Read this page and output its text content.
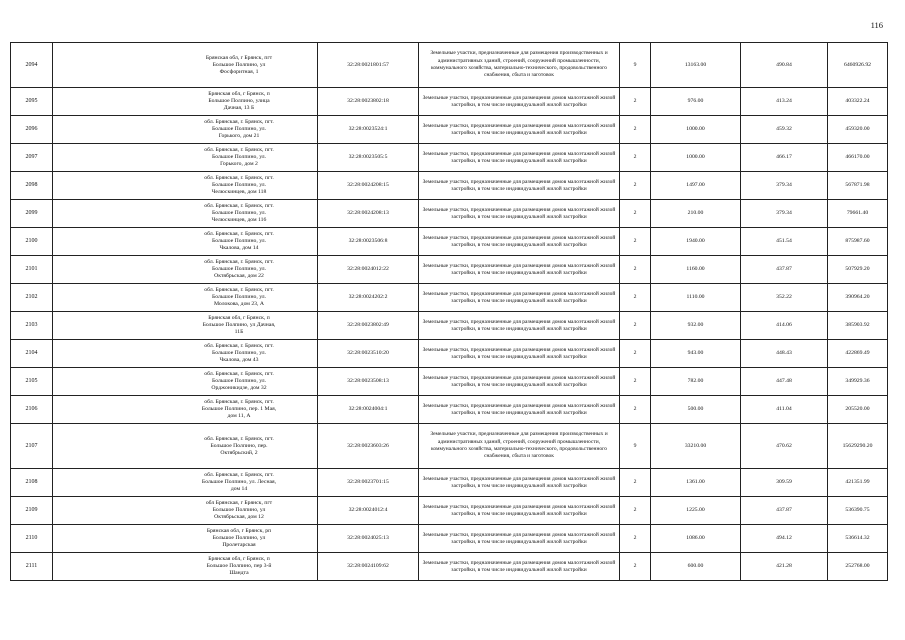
116
2094	Брянская обл, г Брянск, пгт Большое Полпино, ул Фосфоритная, 1	32:28:0021801:57	Земельные участки, предназначенные для размещения производственных и административных зданий, строений, сооружений промышленности, коммунального хозяйства, материально-технического, продовольственного снабжения, сбыта и заготовок	9	13163.00	490.84	6460926.92
2095	Брянская обл, г Брянск, п Большое Полпино, улица Дачная, 13 Б	32:28:0023802:18	Земельные участки, предназначенные для размещения домов малоэтажной жилой застройки, в том числе индивидуальной жилой застройки	2	976.00	413.24	403322.24
2096	обл. Брянская, г. Брянск, пгт. Большое Полпино, ул. Горького, дом 21	32:28:0023524:1	Земельные участки, предназначенные для размещения домов малоэтажной жилой застройки, в том числе индивидуальной жилой застройки	2	1000.00	459.32	459320.00
2097	обл. Брянская, г. Брянск, пгт. Большое Полпино, ул. Горького, дом 2	32:28:0023505:5	Земельные участки, предназначенные для размещения домов малоэтажной жилой застройки, в том числе индивидуальной жилой застройки	2	1000.00	466.17	466170.00
2098	обл. Брянская, г. Брянск, пгт. Большое Полпино, ул. Челюскинцев, дом 118	32:28:0024208:15	Земельные участки, предназначенные для размещения домов малоэтажной жилой застройки, в том числе индивидуальной жилой застройки	2	1497.00	379.34	567871.98
2099	обл. Брянская, г. Брянск, пгт. Большое Полпино, ул. Челюскинцев, дом 116	32:28:0024208:13	Земельные участки, предназначенные для размещения домов малоэтажной жилой застройки, в том числе индивидуальной жилой застройки	2	210.00	379.34	79661.40
2100	обл. Брянская, г. Брянск, пгт. Большое Полпино, ул. Чкалова, дом 14	32:28:0023506:8	Земельные участки, предназначенные для размещения домов малоэтажной жилой застройки, в том числе индивидуальной жилой застройки	2	1940.00	451.54	875987.60
2101	обл. Брянская, г. Брянск, пгт. Большое Полпино, ул. Октябрьская, дом 22	32:28:0024012:22	Земельные участки, предназначенные для размещения домов малоэтажной жилой застройки, в том числе индивидуальной жилой застройки	2	1160.00	437.87	507929.20
2102	обл. Брянская, г. Брянск, пгт. Большое Полпино, ул. Молокова, дом 23, А	32:28:0024202:2	Земельные участки, предназначенные для размещения домов малоэтажной жилой застройки, в том числе индивидуальной жилой застройки	2	1110.00	352.22	390964.20
2103	Брянская обл, г Брянск, п Большое Полпино, ул Дачная, 11Б	32:28:0023802:49	Земельные участки, предназначенные для размещения домов малоэтажной жилой застройки, в том числе индивидуальной жилой застройки	2	932.00	414.06	385903.92
2104	обл. Брянская, г. Брянск, пгт. Большое Полпино, ул. Чкалова, дом 43	32:28:0023510:20	Земельные участки, предназначенные для размещения домов малоэтажной жилой застройки, в том числе индивидуальной жилой застройки	2	943.00	448.43	422869.49
2105	обл. Брянская, г. Брянск, пгт. Большое Полпино, ул. Орджоникидзе, дом 32	32:28:0023508:13	Земельные участки, предназначенные для размещения домов малоэтажной жилой застройки, в том числе индивидуальной жилой застройки	2	782.00	447.48	349929.36
2106	обл. Брянская, г. Брянск, пгт. Большое Полпино, пер. 1 Мая, дом 11, А	32:28:0024004:1	Земельные участки, предназначенные для размещения домов малоэтажной жилой застройки, в том числе индивидуальной жилой застройки	2	500.00	411.04	205520.00
2107	обл. Брянская, г. Брянск, пгт. Большое Полпино, пер. Октябрьский, 2	32:28:0023603:26	Земельные участки, предназначенные для размещения производственных и административных зданий, строений, сооружений промышленности, коммунального хозяйства, материально-технического, продовольственного снабжения, сбыта и заготовок	9	33210.00	470.62	15629290.20
2108	обл. Брянская, г. Брянск, пгт. Большое Полпино, ул. Лесная, дом 14	32:28:0023701:15	Земельные участки, предназначенные для размещения домов малоэтажной жилой застройки, в том числе индивидуальной жилой застройки	2	1361.00	309.59	421351.99
2109	обл Брянская, г Брянск, пгт Большое Полпино, ул Октябрьская, дом 12	32:28:0024012:4	Земельные участки, предназначенные для размещения домов малоэтажной жилой застройки, в том числе индивидуальной жилой застройки	2	1225.00	437.87	536390.75
2110	Брянская обл, г Брянск, рп Большое Полпино, ул Пролетарская	32:28:0024025:13	Земельные участки, предназначенные для размещения домов малоэтажной жилой застройки, в том числе индивидуальной жилой застройки	2	1086.00	494.12	536614.32
2111	Брянская обл, г Брянск, п Большое Полпино, пер 3-й Шандта	32:28:0024109:62	Земельные участки, предназначенные для размещения домов малоэтажной жилой застройки, в том числе индивидуальной жилой застройки	2	600.00	421.28	252768.00
